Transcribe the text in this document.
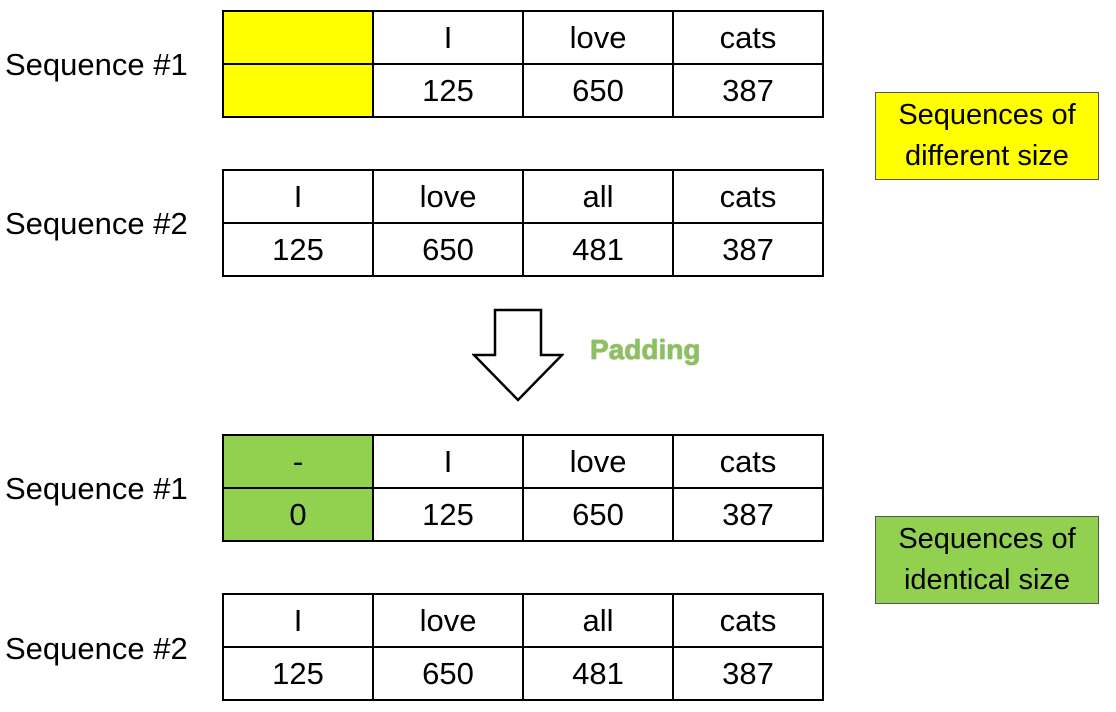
Sequence #1
	I	love	cats
	125	650	387
Sequence #2
I	love	all	cats
125	650	481	387
Sequences of
different size
Padding
Sequence #1
-	I	love	cats
0	125	650	387
Sequence #2
I	love	all	cats
125	650	481	387
Sequences of
identical size
